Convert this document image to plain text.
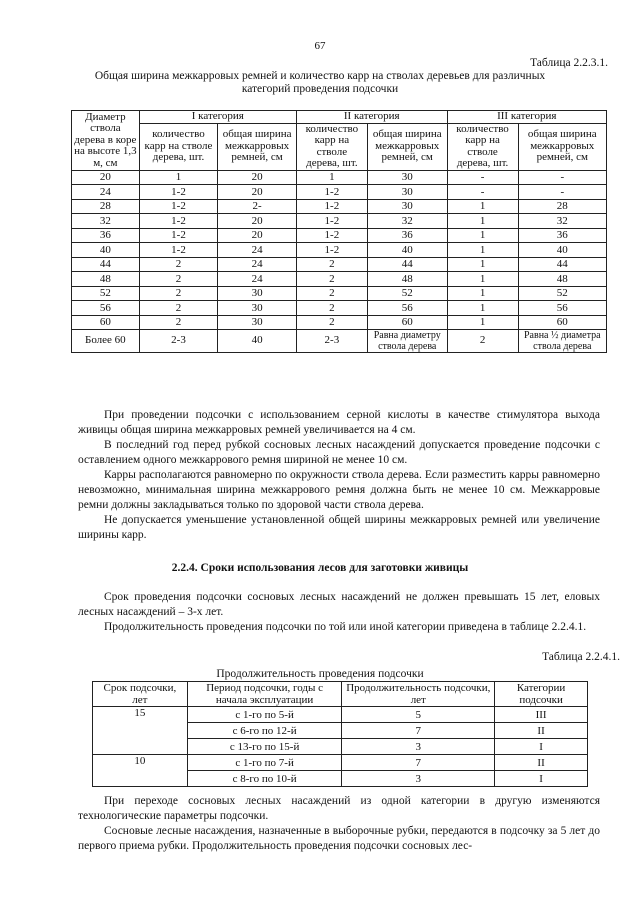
67
Таблица 2.2.3.1.
Общая ширина межкарровых ремней и количество карр на стволах деревьев для различных категорий проведения подсочки
Диаметр ствола дерева в коре на высоте 1,3 м, см	I категория		II категория		III категория	
	количество карр на стволе дерева, шт.	общая ширина межкарровых ремней, см	количество карр на стволе дерева, шт.	общая ширина межкарровых ремней, см	количество карр на стволе дерева, шт.	общая ширина межкарровых ремней, см
20	1	20	1	30	-	-
24	1-2	20	1-2	30	-	-
28	1-2	2-	1-2	30	1	28
32	1-2	20	1-2	32	1	32
36	1-2	20	1-2	36	1	36
40	1-2	24	1-2	40	1	40
44	2	24	2	44	1	44
48	2	24	2	48	1	48
52	2	30	2	52	1	52
56	2	30	2	56	1	56
60	2	30	2	60	1	60
Более 60	2-3	40	2-3	Равна диаметру ствола дерева	2	Равна ½ диаметра ствола дерева

При проведении подсочки с использованием серной кислоты в качестве стимулятора выхода живицы общая ширина межкарровых ремней увеличивается на 4 см.

В последний год перед рубкой сосновых лесных насаждений допускается проведение подсочки с оставлением одного межкаррового ремня шириной не менее 10 см.

Карры располагаются равномерно по окружности ствола дерева. Если разместить карры равномерно невозможно, минимальная ширина межкаррового ремня должна быть не менее 10 см. Межкарровые ремни должны закладываться только по здоровой части ствола дерева.

Не допускается уменьшение установленной общей ширины межкарровых ремней или увеличение ширины карр.

2.2.4. Сроки использования лесов для заготовки живицы

Срок проведения подсочки сосновых лесных насаждений не должен превышать 15 лет, еловых лесных насаждений – 3-х лет.

Продолжительность проведения подсочки по той или иной категории приведена в таблице 2.2.4.1.

Таблица 2.2.4.1.
Продолжительность проведения подсочки
Срок подсочки, лет	Период подсочки, годы с начала эксплуатации	Продолжительность подсочки, лет	Категории подсочки
15	с 1-го по 5-й	5	III
	с 6-го по 12-й	7	II
	с 13-го по 15-й	3	I
10	с 1-го по 7-й	7	II
	с 8-го по 10-й	3	I

При переходе сосновых лесных насаждений из одной категории в другую изменяются технологические параметры подсочки.

Сосновые лесные насаждения, назначенные в выборочные рубки, передаются в подсочку за 5 лет до первого приема рубки. Продолжительность проведения подсочки сосновых лес-
